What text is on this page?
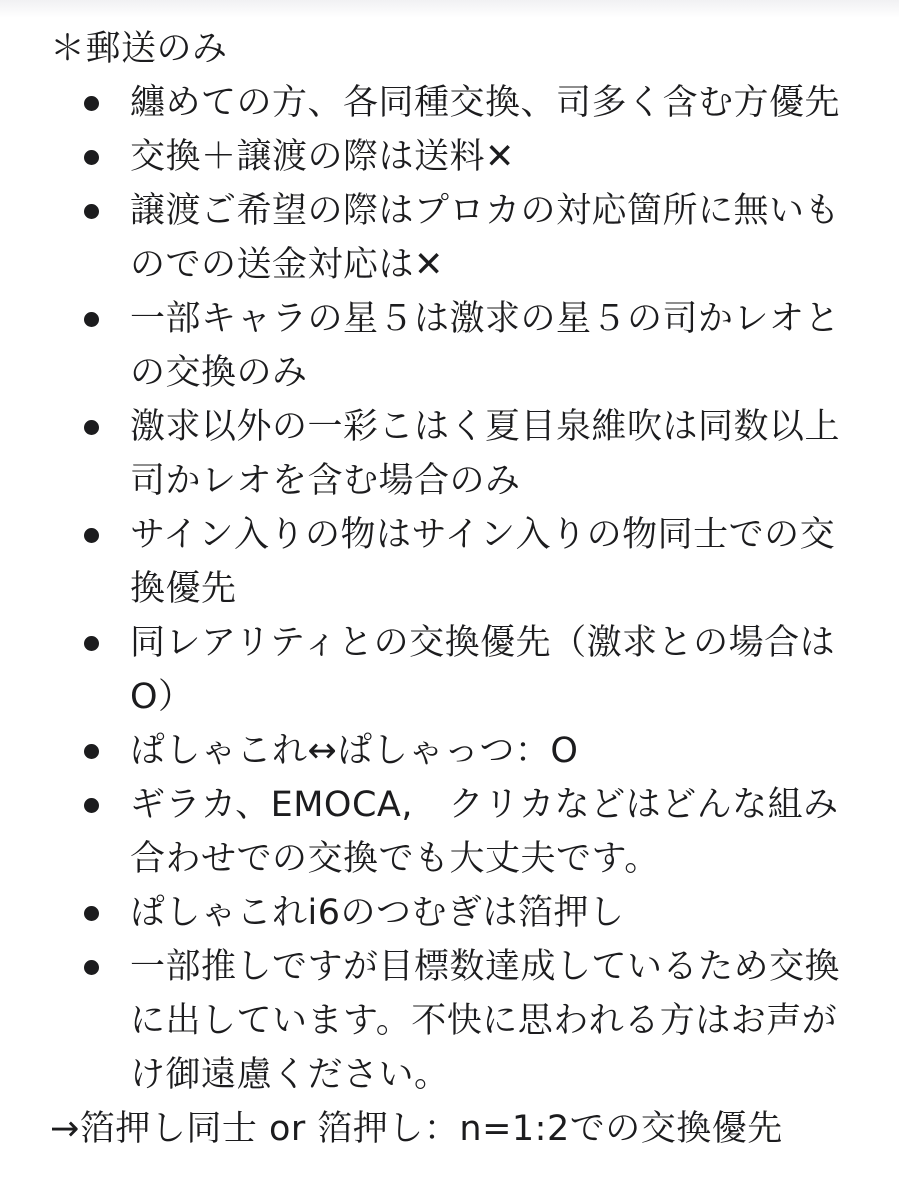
＊郵送のみ
纏めての方、各同種交換、司多く含む方優先
交換＋譲渡の際は送料✕
譲渡ご希望の際はプロカの対応箇所に無いも
のでの送金対応は✕
一部キャラの星５は激求の星５の司かレオと
の交換のみ
激求以外の一彩こはく夏目泉維吹は同数以上
司かレオを含む場合のみ
サイン入りの物はサイン入りの物同士での交
換優先
同レアリティとの交換優先（激求との場合は
O）
ぱしゃこれ↔ぱしゃっつ：O
ギラカ、EMOCA,　クリカなどはどんな組み
合わせでの交換でも大丈夫です。
ぱしゃこれi6のつむぎは箔押し
一部推しですが目標数達成しているため交換
に出しています。不快に思われる方はお声が
け御遠慮ください。
→箔押し同士 or 箔押し：n=1:2での交換優先
